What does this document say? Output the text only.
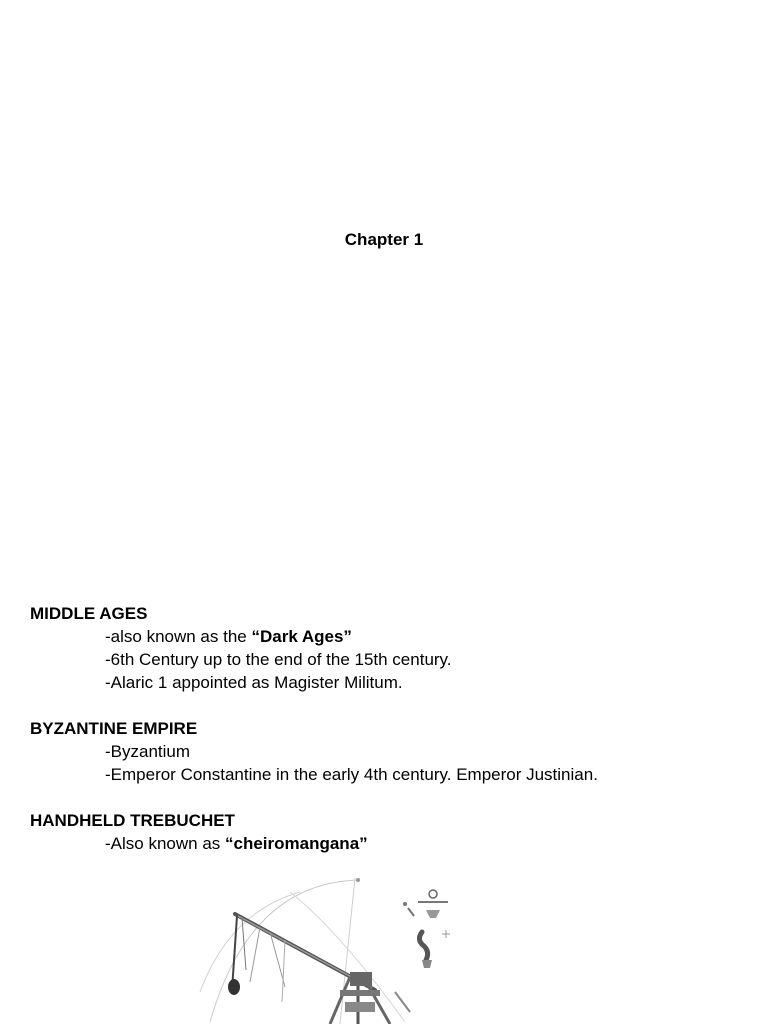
Chapter 1

MIDDLE AGES

-also known as the “Dark Ages”

-6th Century up to the end of the 15th century.

-Alaric 1 appointed as Magister Militum.

BYZANTINE EMPIRE

-Byzantium

-Emperor Constantine in the early 4th century. Emperor Justinian.

HANDHELD TREBUCHET

-Also known as “cheiromangana”
